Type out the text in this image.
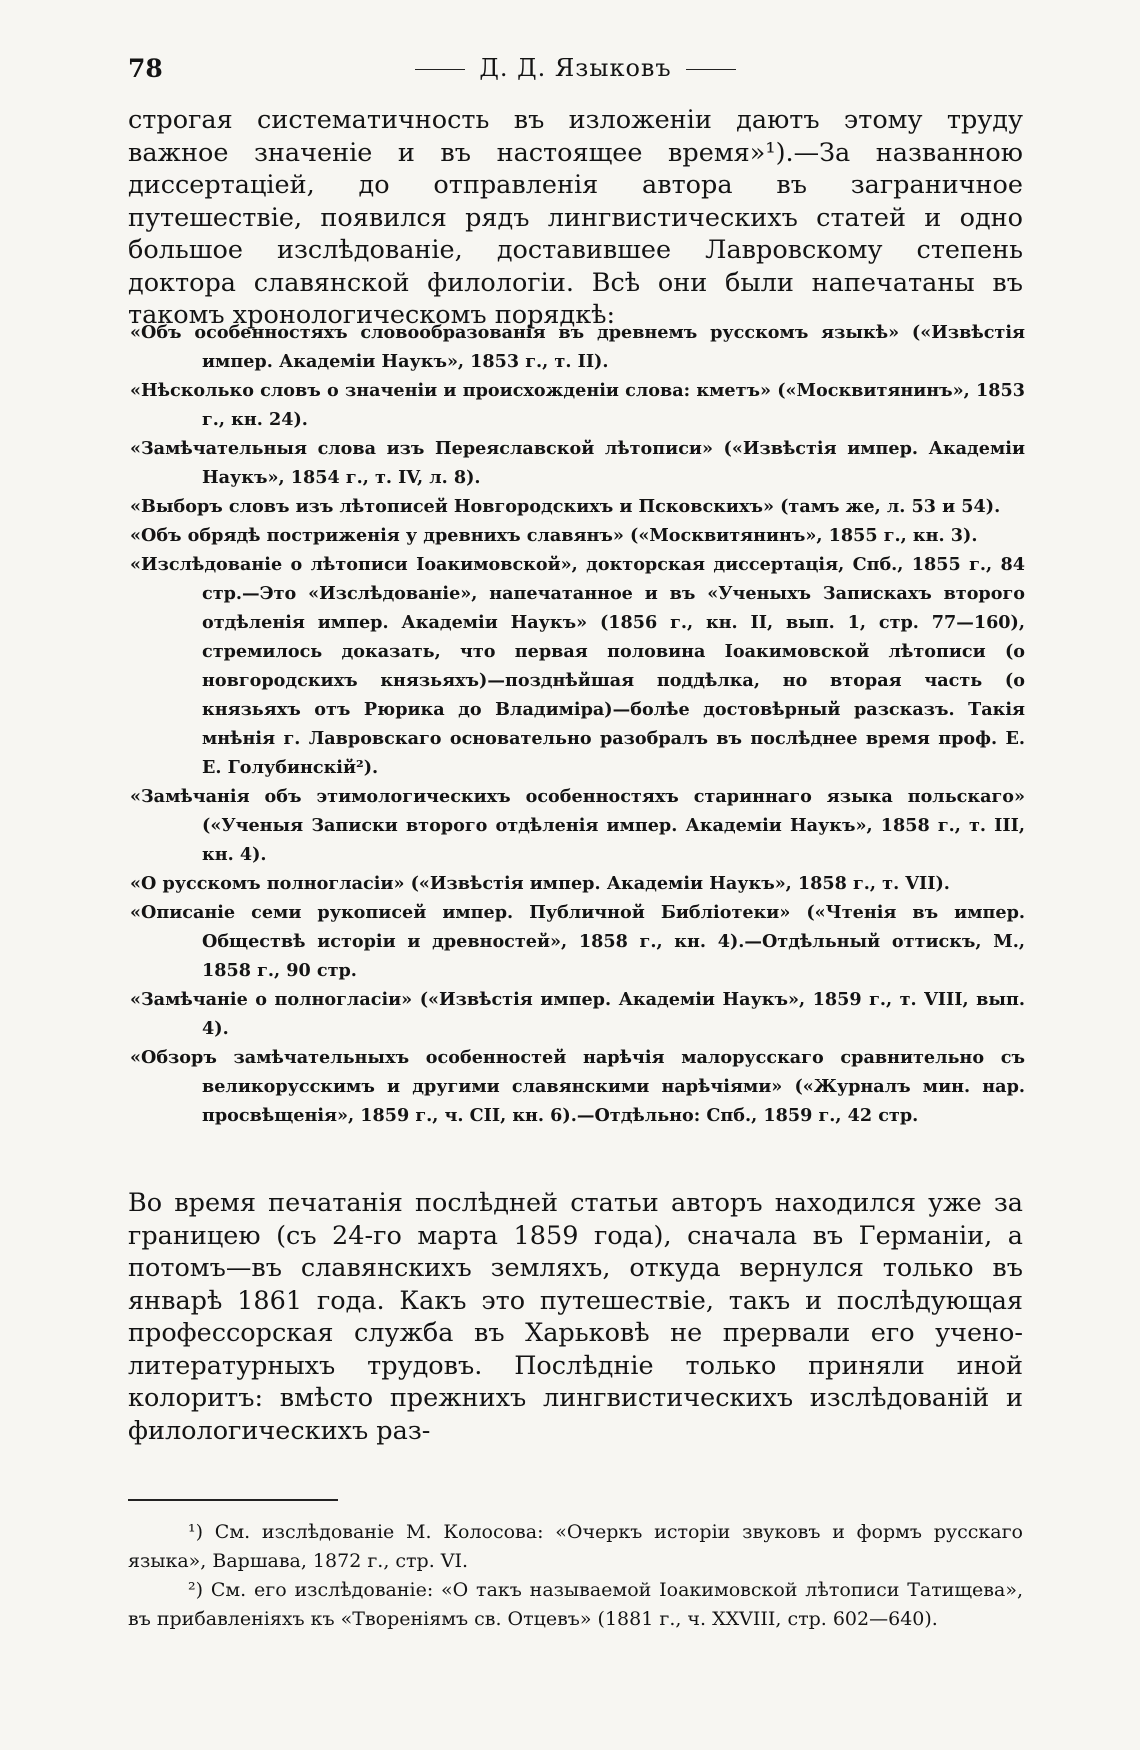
78	Д. Д. Языковъ

строгая систематичность въ изложеніи даютъ этому труду важное значеніе и въ настоящее время»¹).—За названною диссертаціей, до отправленія автора въ заграничное путешествіе, появился рядъ лингвистическихъ статей и одно большое изслѣдованіе, доставившее Лавровскому степень доктора славянской филологіи. Всѣ они были напечатаны въ такомъ хронологическомъ порядкѣ:

«Объ особенностяхъ словообразованія въ древнемъ русскомъ языкѣ» («Извѣстія импер. Академіи Наукъ», 1853 г., т. II).
«Нѣсколько словъ о значеніи и происхожденіи слова: кметъ» («Москвитянинъ», 1853 г., кн. 24).
«Замѣчательныя слова изъ Переяславской лѣтописи» («Извѣстія импер. Академіи Наукъ», 1854 г., т. IV, л. 8).
«Выборъ словъ изъ лѣтописей Новгородскихъ и Псковскихъ» (тамъ же, л. 53 и 54).
«Объ обрядѣ постриженія у древнихъ славянъ» («Москвитянинъ», 1855 г., кн. 3).
«Изслѣдованіе о лѣтописи Іоакимовской», докторская диссертація, Спб., 1855 г., 84 стр.—Это «Изслѣдованіе», напечатанное и въ «Ученыхъ Запискахъ второго отдѣленія импер. Академіи Наукъ» (1856 г., кн. II, вып. 1, стр. 77—160), стремилось доказать, что первая половина Іоакимовской лѣтописи (о новгородскихъ князьяхъ)—позднѣйшая поддѣлка, но вторая часть (о князьяхъ отъ Рюрика до Владиміра)—болѣе достовѣрный разсказъ. Такія мнѣнія г. Лавровскаго основательно разобралъ въ послѣднее время проф. Е. Е. Голубинскій²).
«Замѣчанія объ этимологическихъ особенностяхъ стариннаго языка польскаго» («Ученыя Записки второго отдѣленія импер. Академіи Наукъ», 1858 г., т. III, кн. 4).
«О русскомъ полногласіи» («Извѣстія импер. Академіи Наукъ», 1858 г., т. VII).
«Описаніе семи рукописей импер. Публичной Библіотеки» («Чтенія въ импер. Обществѣ исторіи и древностей», 1858 г., кн. 4).—Отдѣльный оттискъ, М., 1858 г., 90 стр.
«Замѣчаніе о полногласіи» («Извѣстія импер. Академіи Наукъ», 1859 г., т. VIII, вып. 4).
«Обзоръ замѣчательныхъ особенностей нарѣчія малорусскаго сравнительно съ великорусскимъ и другими славянскими нарѣчіями» («Журналъ мин. нар. просвѣщенія», 1859 г., ч. CII, кн. 6).—Отдѣльно: Спб., 1859 г., 42 стр.

Во время печатанія послѣдней статьи авторъ находился уже за границею (съ 24-го марта 1859 года), сначала въ Германіи, а потомъ—въ славянскихъ земляхъ, откуда вернулся только въ январѣ 1861 года. Какъ это путешествіе, такъ и послѣдующая профессорская служба въ Харьковѣ не прервали его учено-литературныхъ трудовъ. Послѣдніе только приняли иной колоритъ: вмѣсто прежнихъ лингвистическихъ изслѣдованій и филологическихъ раз-

¹) См. изслѣдованіе М. Колосова: «Очеркъ исторіи звуковъ и формъ русскаго языка», Варшава, 1872 г., стр. VI.

²) См. его изслѣдованіе: «О такъ называемой Іоакимовской лѣтописи Татищева», въ прибавленіяхъ къ «Твореніямъ св. Отцевъ» (1881 г., ч. XXVIII, стр. 602—640).
